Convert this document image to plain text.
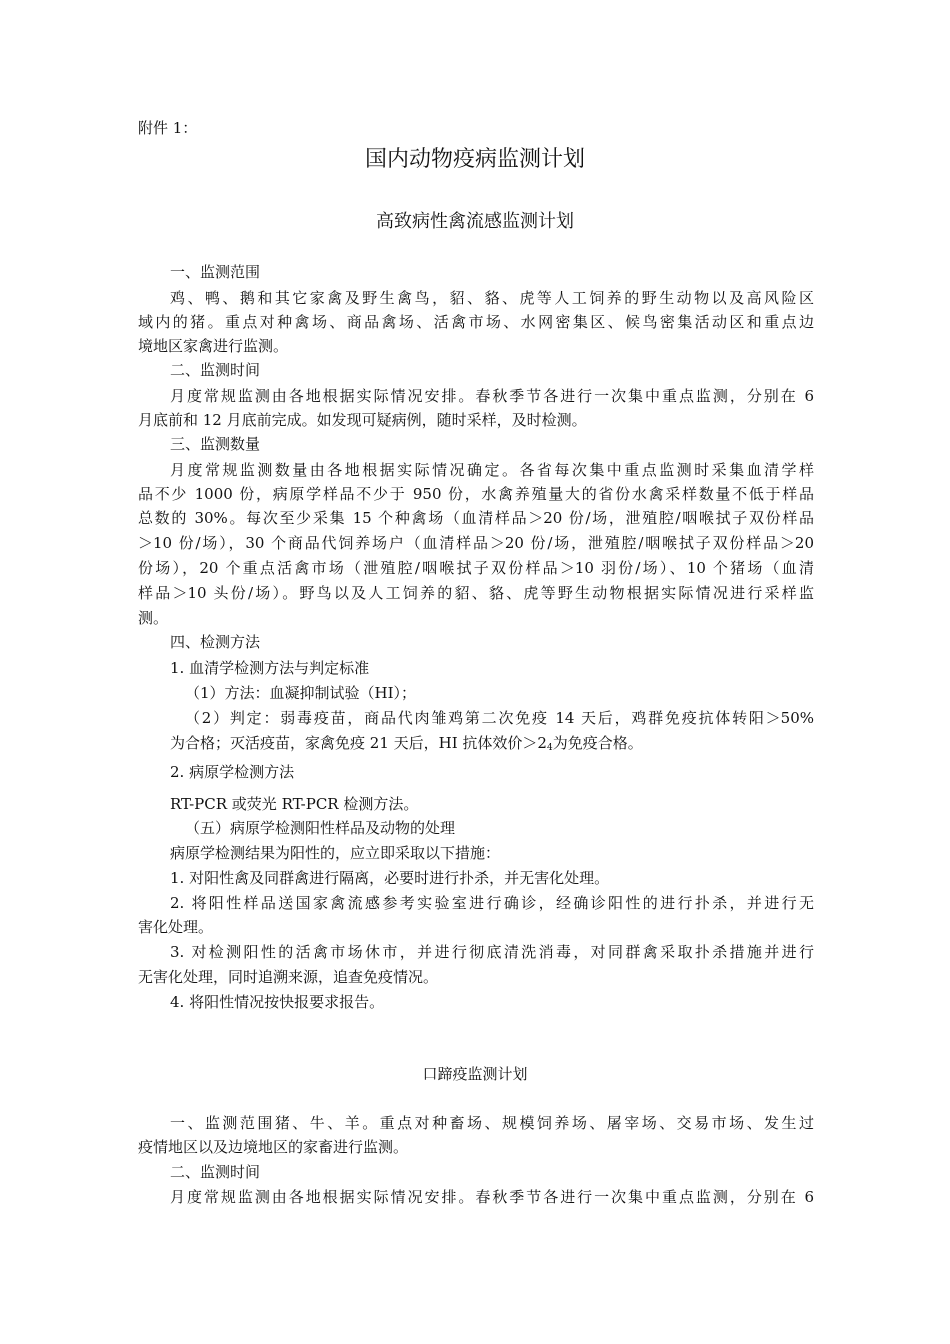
附件 1：
国内动物疫病监测计划
高致病性禽流感监测计划
一、监测范围
鸡、鸭、鹅和其它家禽及野生禽鸟，貂、貉、虎等人工饲养的野生动物以及高风险区
域内的猪。重点对种禽场、商品禽场、活禽市场、水网密集区、候鸟密集活动区和重点边
境地区家禽进行监测。
二、监测时间
月度常规监测由各地根据实际情况安排。春秋季节各进行一次集中重点监测，分别在 6
月底前和 12 月底前完成。如发现可疑病例，随时采样，及时检测。
三、监测数量
月度常规监测数量由各地根据实际情况确定。各省每次集中重点监测时采集血清学样
品不少 1000 份，病原学样品不少于 950 份，水禽养殖量大的省份水禽采样数量不低于样品
总数的 30%。每次至少采集 15 个种禽场（血清样品＞20 份/场，泄殖腔/咽喉拭子双份样品
＞10 份/场），30 个商品代饲养场户（血清样品＞20 份/场，泄殖腔/咽喉拭子双份样品＞20
份场），20 个重点活禽市场（泄殖腔/咽喉拭子双份样品＞10 羽份/场）、10 个猪场（血清
样品＞10 头份/场）。野鸟以及人工饲养的貂、貉、虎等野生动物根据实际情况进行采样监
测。
四、检测方法
1. 血清学检测方法与判定标准
（1）方法：血凝抑制试验（HI）；
（2）判定：弱毒疫苗，商品代肉雏鸡第二次免疫 14 天后，鸡群免疫抗体转阳＞50%
为合格；灭活疫苗，家禽免疫 21 天后，HI 抗体效价$>2_4$为免疫合格。
2. 病原学检测方法
RT-PCR 或荧光 RT-PCR 检测方法。
（五）病原学检测阳性样品及动物的处理
病原学检测结果为阳性的，应立即采取以下措施：
1. 对阳性禽及同群禽进行隔离，必要时进行扑杀，并无害化处理。
2. 将阳性样品送国家禽流感参考实验室进行确诊，经确诊阳性的进行扑杀，并进行无
害化处理。
3. 对检测阳性的活禽市场休市，并进行彻底清洗消毒，对同群禽采取扑杀措施并进行
无害化处理，同时追溯来源，追查免疫情况。
4. 将阳性情况按快报要求报告。
口蹄疫监测计划
一、监测范围猪、牛、羊。重点对种畜场、规模饲养场、屠宰场、交易市场、发生过
疫情地区以及边境地区的家畜进行监测。
二、监测时间
月度常规监测由各地根据实际情况安排。春秋季节各进行一次集中重点监测，分别在 6
